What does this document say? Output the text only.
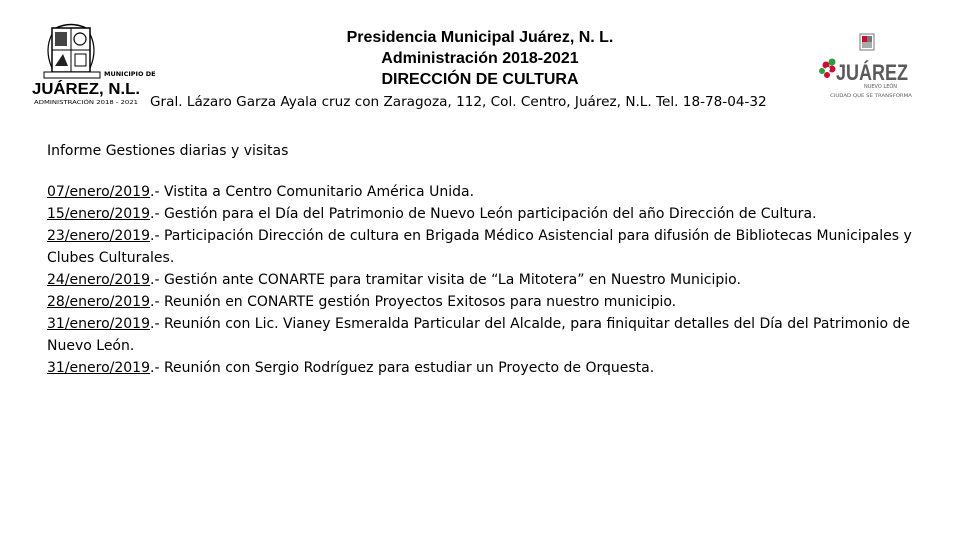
MUNICIPIO DE
JUÁREZ, N.L.
ADMINISTRACIÓN 2018 - 2021
Presidencia Municipal Juárez, N. L.
Administración 2018-2021
DIRECCIÓN DE CULTURA
Gral. Lázaro Garza Ayala cruz con Zaragoza, 112, Col. Centro, Juárez, N.L. Tel. 18-78-04-32
JUÁREZ
NUEVO LEÓN
CIUDAD QUE SE TRANSFORMA

Informe Gestiones diarias y visitas

07/enero/2019.- Vistita a Centro Comunitario América Unida.

15/enero/2019.- Gestión para el Día del Patrimonio de Nuevo León participación del año Dirección de Cultura.

23/enero/2019.- Participación Dirección de cultura en Brigada Médico Asistencial para difusión de Bibliotecas Municipales y Clubes Culturales.

24/enero/2019.- Gestión ante CONARTE para tramitar visita de “La Mitotera” en Nuestro Municipio.

28/enero/2019.- Reunión en CONARTE gestión Proyectos Exitosos para nuestro municipio.

31/enero/2019.- Reunión con Lic. Vianey Esmeralda Particular del Alcalde, para finiquitar detalles del Día del Patrimonio de Nuevo León.

31/enero/2019.- Reunión con Sergio Rodríguez para estudiar un Proyecto de Orquesta.
